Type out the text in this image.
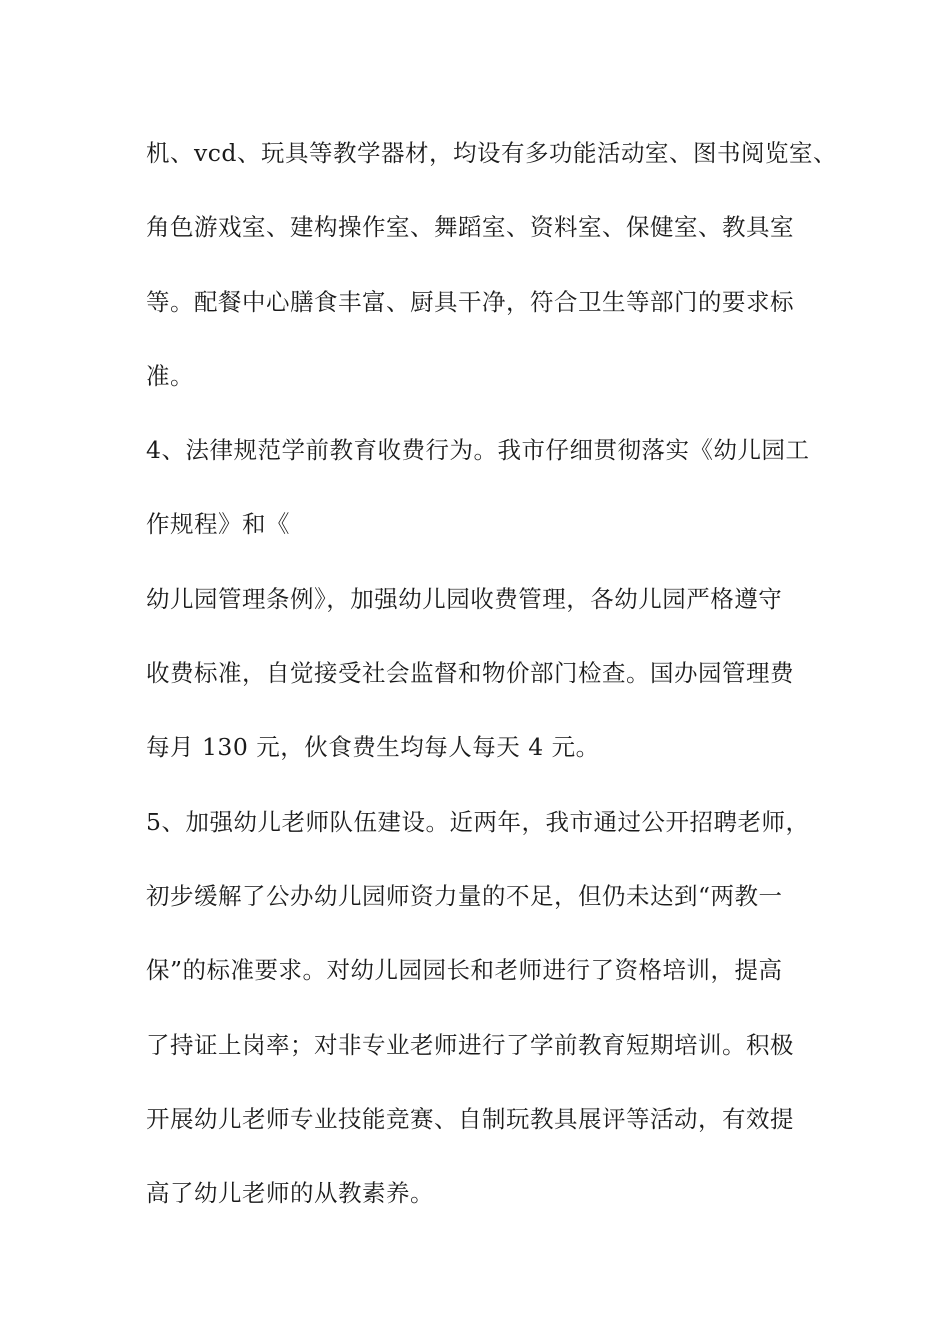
机、vcd、玩具等教学器材，均设有多功能活动室、图书阅览室、
角色游戏室、建构操作室、舞蹈室、资料室、保健室、教具室
等。配餐中心膳食丰富、厨具干净，符合卫生等部门的要求标
准。
4、法律规范学前教育收费行为。我市仔细贯彻落实《幼儿园工
作规程》和《
幼儿园管理条例》，加强幼儿园收费管理，各幼儿园严格遵守
收费标准，自觉接受社会监督和物价部门检查。国办园管理费
每月 130 元，伙食费生均每人每天 4 元。
5、加强幼儿老师队伍建设。近两年，我市通过公开招聘老师，
初步缓解了公办幼儿园师资力量的不足，但仍未达到“两教一
保”的标准要求。对幼儿园园长和老师进行了资格培训，提高
了持证上岗率；对非专业老师进行了学前教育短期培训。积极
开展幼儿老师专业技能竞赛、自制玩教具展评等活动，有效提
高了幼儿老师的从教素养。
